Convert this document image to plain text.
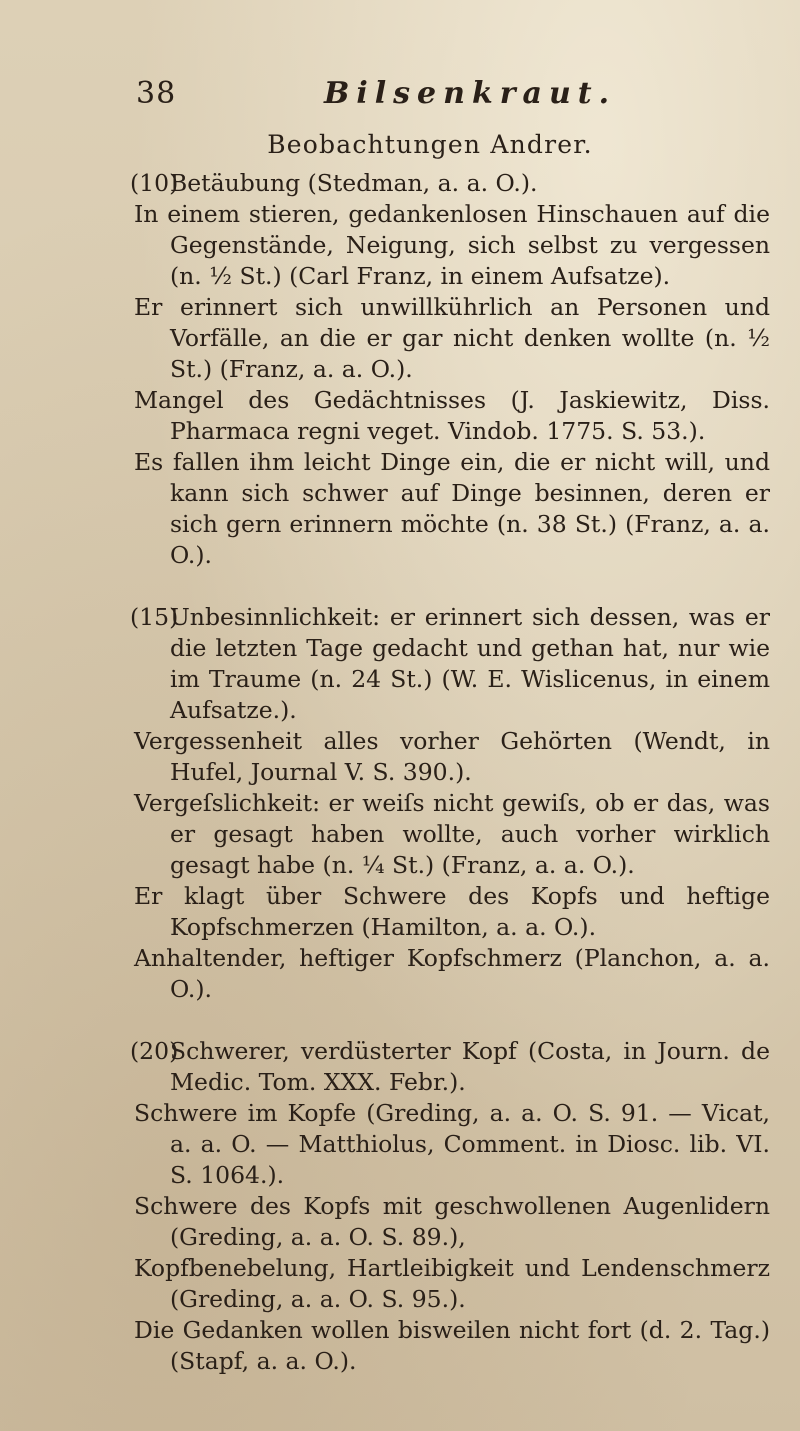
38	Bilsenkraut.
Beobachtungen Andrer.

(10)Betäubung (Stedman, a. a. O.).

In einem stieren, gedankenlosen Hinschauen auf die Gegenstände, Neigung, sich selbst zu vergessen (n. ½ St.) (Carl Franz, in einem Aufsatze).

Er erinnert sich unwillkührlich an Personen und Vorfälle, an die er gar nicht denken wollte (n. ½ St.) (Franz, a. a. O.).

Mangel des Gedächtnisses (J. Jaskiewitz, Diss. Pharmaca regni veget. Vindob. 1775. S. 53.).

Es fallen ihm leicht Dinge ein, die er nicht will, und kann sich schwer auf Dinge besinnen, deren er sich gern erinnern möchte (n. 38 St.) (Franz, a. a. O.).

(15)Unbesinnlichkeit: er erinnert sich dessen, was er die letzten Tage gedacht und gethan hat, nur wie im Traume (n. 24 St.) (W. E. Wislicenus, in einem Aufsatze.).

Vergessenheit alles vorher Gehörten (Wendt, in Hufel, Journal V. S. 390.).

Vergeſslichkeit: er weiſs nicht gewiſs, ob er das, was er gesagt haben wollte, auch vorher wirklich gesagt habe (n. ¼ St.) (Franz, a. a. O.).

Er klagt über Schwere des Kopfs und heftige Kopfschmerzen (Hamilton, a. a. O.).

Anhaltender, heftiger Kopfschmerz (Planchon, a. a. O.).

(20)Schwerer, verdüsterter Kopf (Costa, in Journ. de Medic. Tom. XXX. Febr.).

Schwere im Kopfe (Greding, a. a. O. S. 91. — Vicat, a. a. O. — Matthiolus, Comment. in Diosc. lib. VI. S. 1064.).

Schwere des Kopfs mit geschwollenen Augenlidern (Greding, a. a. O. S. 89.),

Kopfbenebelung, Hartleibigkeit und Lendenschmerz (Greding, a. a. O. S. 95.).

Die Gedanken wollen bisweilen nicht fort (d. 2. Tag.) (Stapf, a. a. O.).
